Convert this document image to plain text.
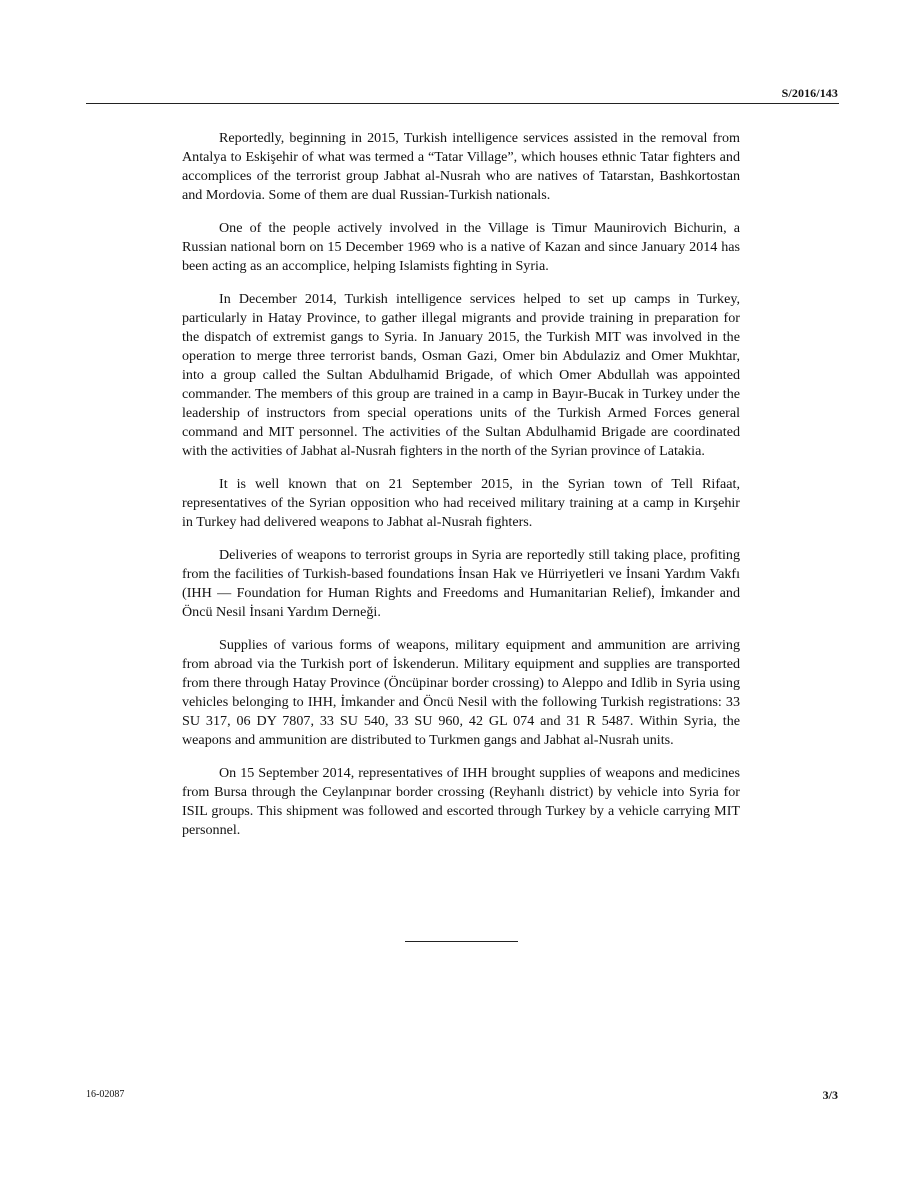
S/2016/143

Reportedly, beginning in 2015, Turkish intelligence services assisted in the removal from Antalya to Eskişehir of what was termed a “Tatar Village”, which houses ethnic Tatar fighters and accomplices of the terrorist group Jabhat al-Nusrah who are natives of Tatarstan, Bashkortostan and Mordovia. Some of them are dual Russian-Turkish nationals.

One of the people actively involved in the Village is Timur Maunirovich Bichurin, a Russian national born on 15 December 1969 who is a native of Kazan and since January 2014 has been acting as an accomplice, helping Islamists fighting in Syria.

In December 2014, Turkish intelligence services helped to set up camps in Turkey, particularly in Hatay Province, to gather illegal migrants and provide training in preparation for the dispatch of extremist gangs to Syria. In January 2015, the Turkish MIT was involved in the operation to merge three terrorist bands, Osman Gazi, Omer bin Abdulaziz and Omer Mukhtar, into a group called the Sultan Abdulhamid Brigade, of which Omer Abdullah was appointed commander. The members of this group are trained in a camp in Bayır-Bucak in Turkey under the leadership of instructors from special operations units of the Turkish Armed Forces general command and MIT personnel. The activities of the Sultan Abdulhamid Brigade are coordinated with the activities of Jabhat al-Nusrah fighters in the north of the Syrian province of Latakia.

It is well known that on 21 September 2015, in the Syrian town of Tell Rifaat, representatives of the Syrian opposition who had received military training at a camp in Kırşehir in Turkey had delivered weapons to Jabhat al-Nusrah fighters.

Deliveries of weapons to terrorist groups in Syria are reportedly still taking place, profiting from the facilities of Turkish-based foundations İnsan Hak ve Hürriyetleri ve İnsani Yardım Vakfı (IHH — Foundation for Human Rights and Freedoms and Humanitarian Relief), İmkander and Öncü Nesil İnsani Yardım Derneği.

Supplies of various forms of weapons, military equipment and ammunition are arriving from abroad via the Turkish port of İskenderun. Military equipment and supplies are transported from there through Hatay Province (Öncüpinar border crossing) to Aleppo and Idlib in Syria using vehicles belonging to IHH, İmkander and Öncü Nesil with the following Turkish registrations: 33 SU 317, 06 DY 7807, 33 SU 540, 33 SU 960, 42 GL 074 and 31 R 5487. Within Syria, the weapons and ammunition are distributed to Turkmen gangs and Jabhat al-Nusrah units.

On 15 September 2014, representatives of IHH brought supplies of weapons and medicines from Bursa through the Ceylanpınar border crossing (Reyhanlı district) by vehicle into Syria for ISIL groups. This shipment was followed and escorted through Turkey by a vehicle carrying MIT personnel.

16-02087	3/3
